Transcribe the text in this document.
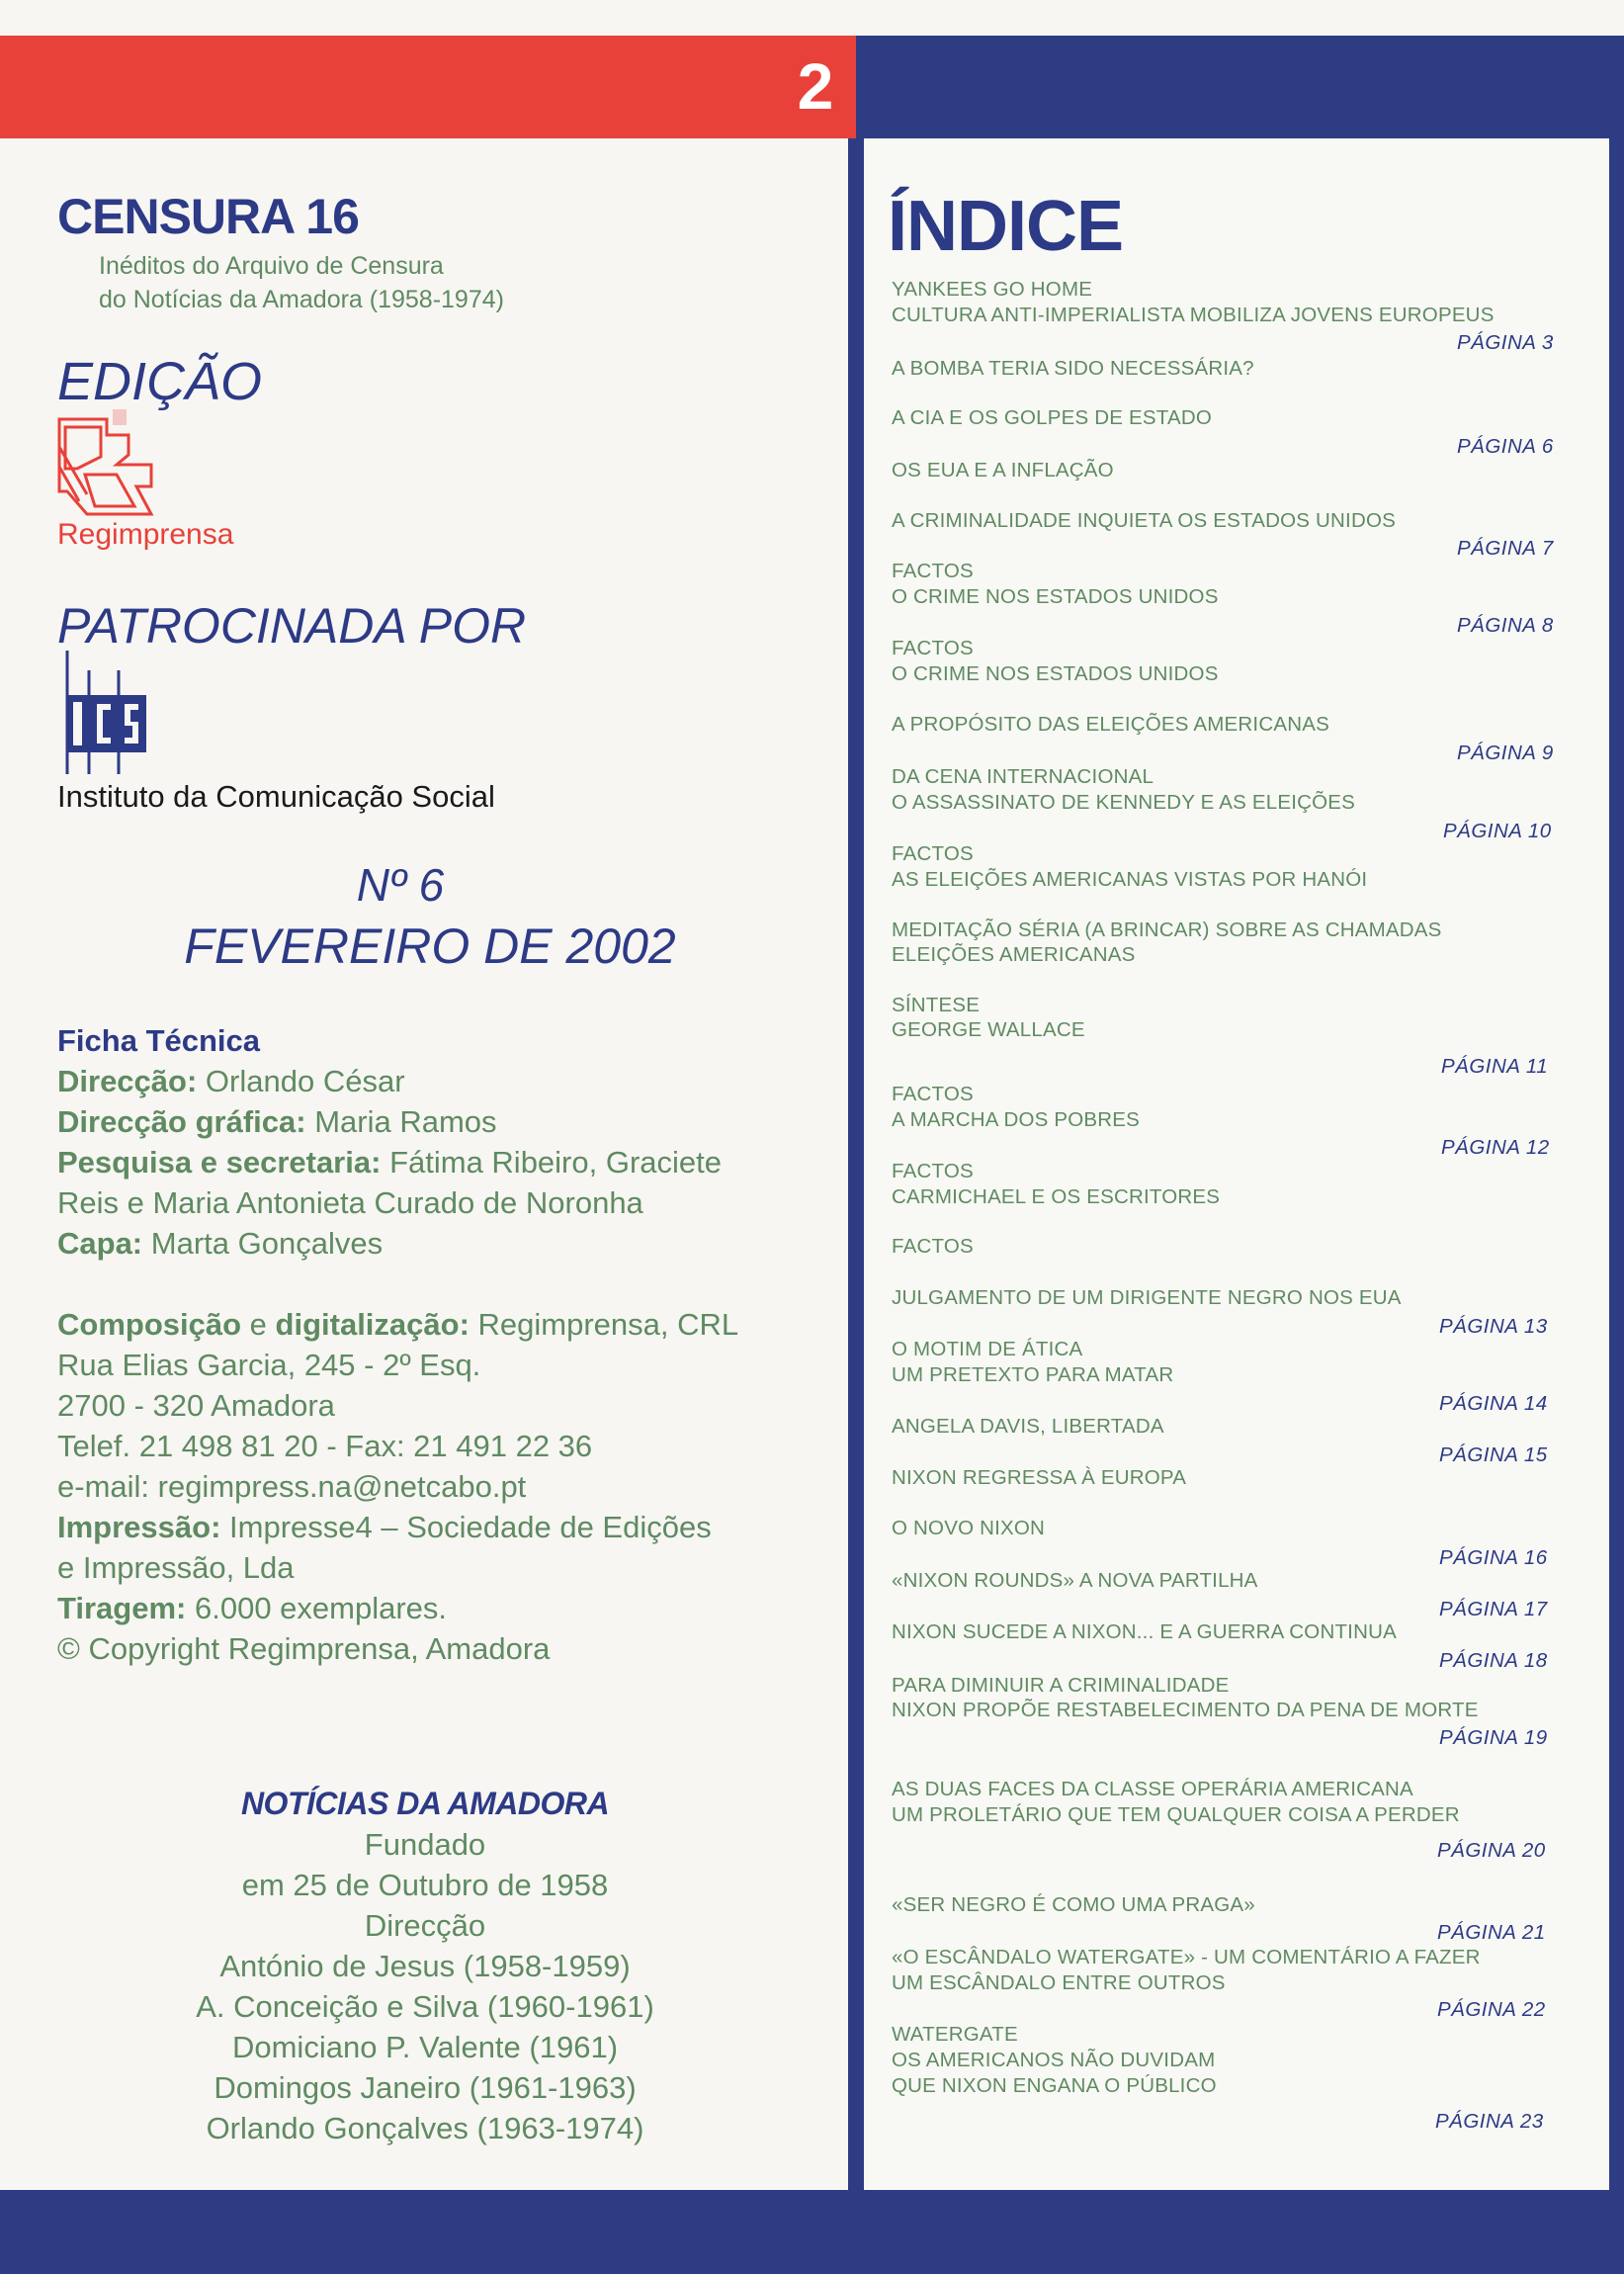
2
CENSURA 16
Inéditos do Arquivo de Censura
do Notícias da Amadora (1958-1974)
EDIÇÃO
Regimprensa
PATROCINADA POR
Instituto da Comunicação Social
Nº 6
FEVEREIRO DE 2002
Ficha Técnica
Direcção: Orlando César
Direcção gráfica: Maria Ramos
Pesquisa e secretaria: Fátima Ribeiro, Graciete
Reis e Maria Antonieta Curado de Noronha
Capa: Marta Gonçalves
Composição e digitalização: Regimprensa, CRL
Rua Elias Garcia, 245 - 2º Esq.
2700 - 320 Amadora
Telef. 21 498 81 20 - Fax: 21 491 22 36
e-mail: regimpress.na@netcabo.pt
Impressão: Impresse4 – Sociedade de Edições
e Impressão, Lda
Tiragem: 6.000 exemplares.
© Copyright Regimprensa, Amadora
NOTÍCIAS DA AMADORA
Fundado
em 25 de Outubro de 1958
Direcção
António de Jesus (1958-1959)
A. Conceição e Silva (1960-1961)
Domiciano P. Valente (1961)
Domingos Janeiro (1961-1963)
Orlando Gonçalves (1963-1974)
ÍNDICE
YANKEES GO HOME
CULTURA ANTI-IMPERIALISTA MOBILIZA JOVENS EUROPEUS
PÁGINA 3
A BOMBA TERIA SIDO NECESSÁRIA?
A CIA E OS GOLPES DE ESTADO
PÁGINA 6
OS EUA E A INFLAÇÃO
A CRIMINALIDADE INQUIETA OS ESTADOS UNIDOS
PÁGINA 7
FACTOS
O CRIME NOS ESTADOS UNIDOS
PÁGINA 8
FACTOS
O CRIME NOS ESTADOS UNIDOS
A PROPÓSITO DAS ELEIÇÕES AMERICANAS
PÁGINA 9
DA CENA INTERNACIONAL
O ASSASSINATO DE KENNEDY E AS ELEIÇÕES
PÁGINA 10
FACTOS
AS ELEIÇÕES AMERICANAS VISTAS POR HANÓI
MEDITAÇÃO SÉRIA (A BRINCAR) SOBRE AS CHAMADAS
ELEIÇÕES AMERICANAS
SÍNTESE
GEORGE WALLACE
PÁGINA 11
FACTOS
A MARCHA DOS POBRES
PÁGINA 12
FACTOS
CARMICHAEL E OS ESCRITORES
FACTOS
JULGAMENTO DE UM DIRIGENTE NEGRO NOS EUA
PÁGINA 13
O MOTIM DE ÁTICA
UM PRETEXTO PARA MATAR
PÁGINA 14
ANGELA DAVIS, LIBERTADA
PÁGINA 15
NIXON REGRESSA À EUROPA
O NOVO NIXON
PÁGINA 16
«NIXON ROUNDS» A NOVA PARTILHA
PÁGINA 17
NIXON SUCEDE A NIXON... E A GUERRA CONTINUA
PÁGINA 18
PARA DIMINUIR A CRIMINALIDADE
NIXON PROPÕE RESTABELECIMENTO DA PENA DE MORTE
PÁGINA 19
AS DUAS FACES DA CLASSE OPERÁRIA AMERICANA
UM PROLETÁRIO QUE TEM QUALQUER COISA A PERDER
PÁGINA 20
«SER NEGRO É COMO UMA PRAGA»
PÁGINA 21
«O ESCÂNDALO WATERGATE» - UM COMENTÁRIO A FAZER
UM ESCÂNDALO ENTRE OUTROS
PÁGINA 22
WATERGATE
OS AMERICANOS NÃO DUVIDAM
QUE NIXON ENGANA O PÚBLICO
PÁGINA 23
